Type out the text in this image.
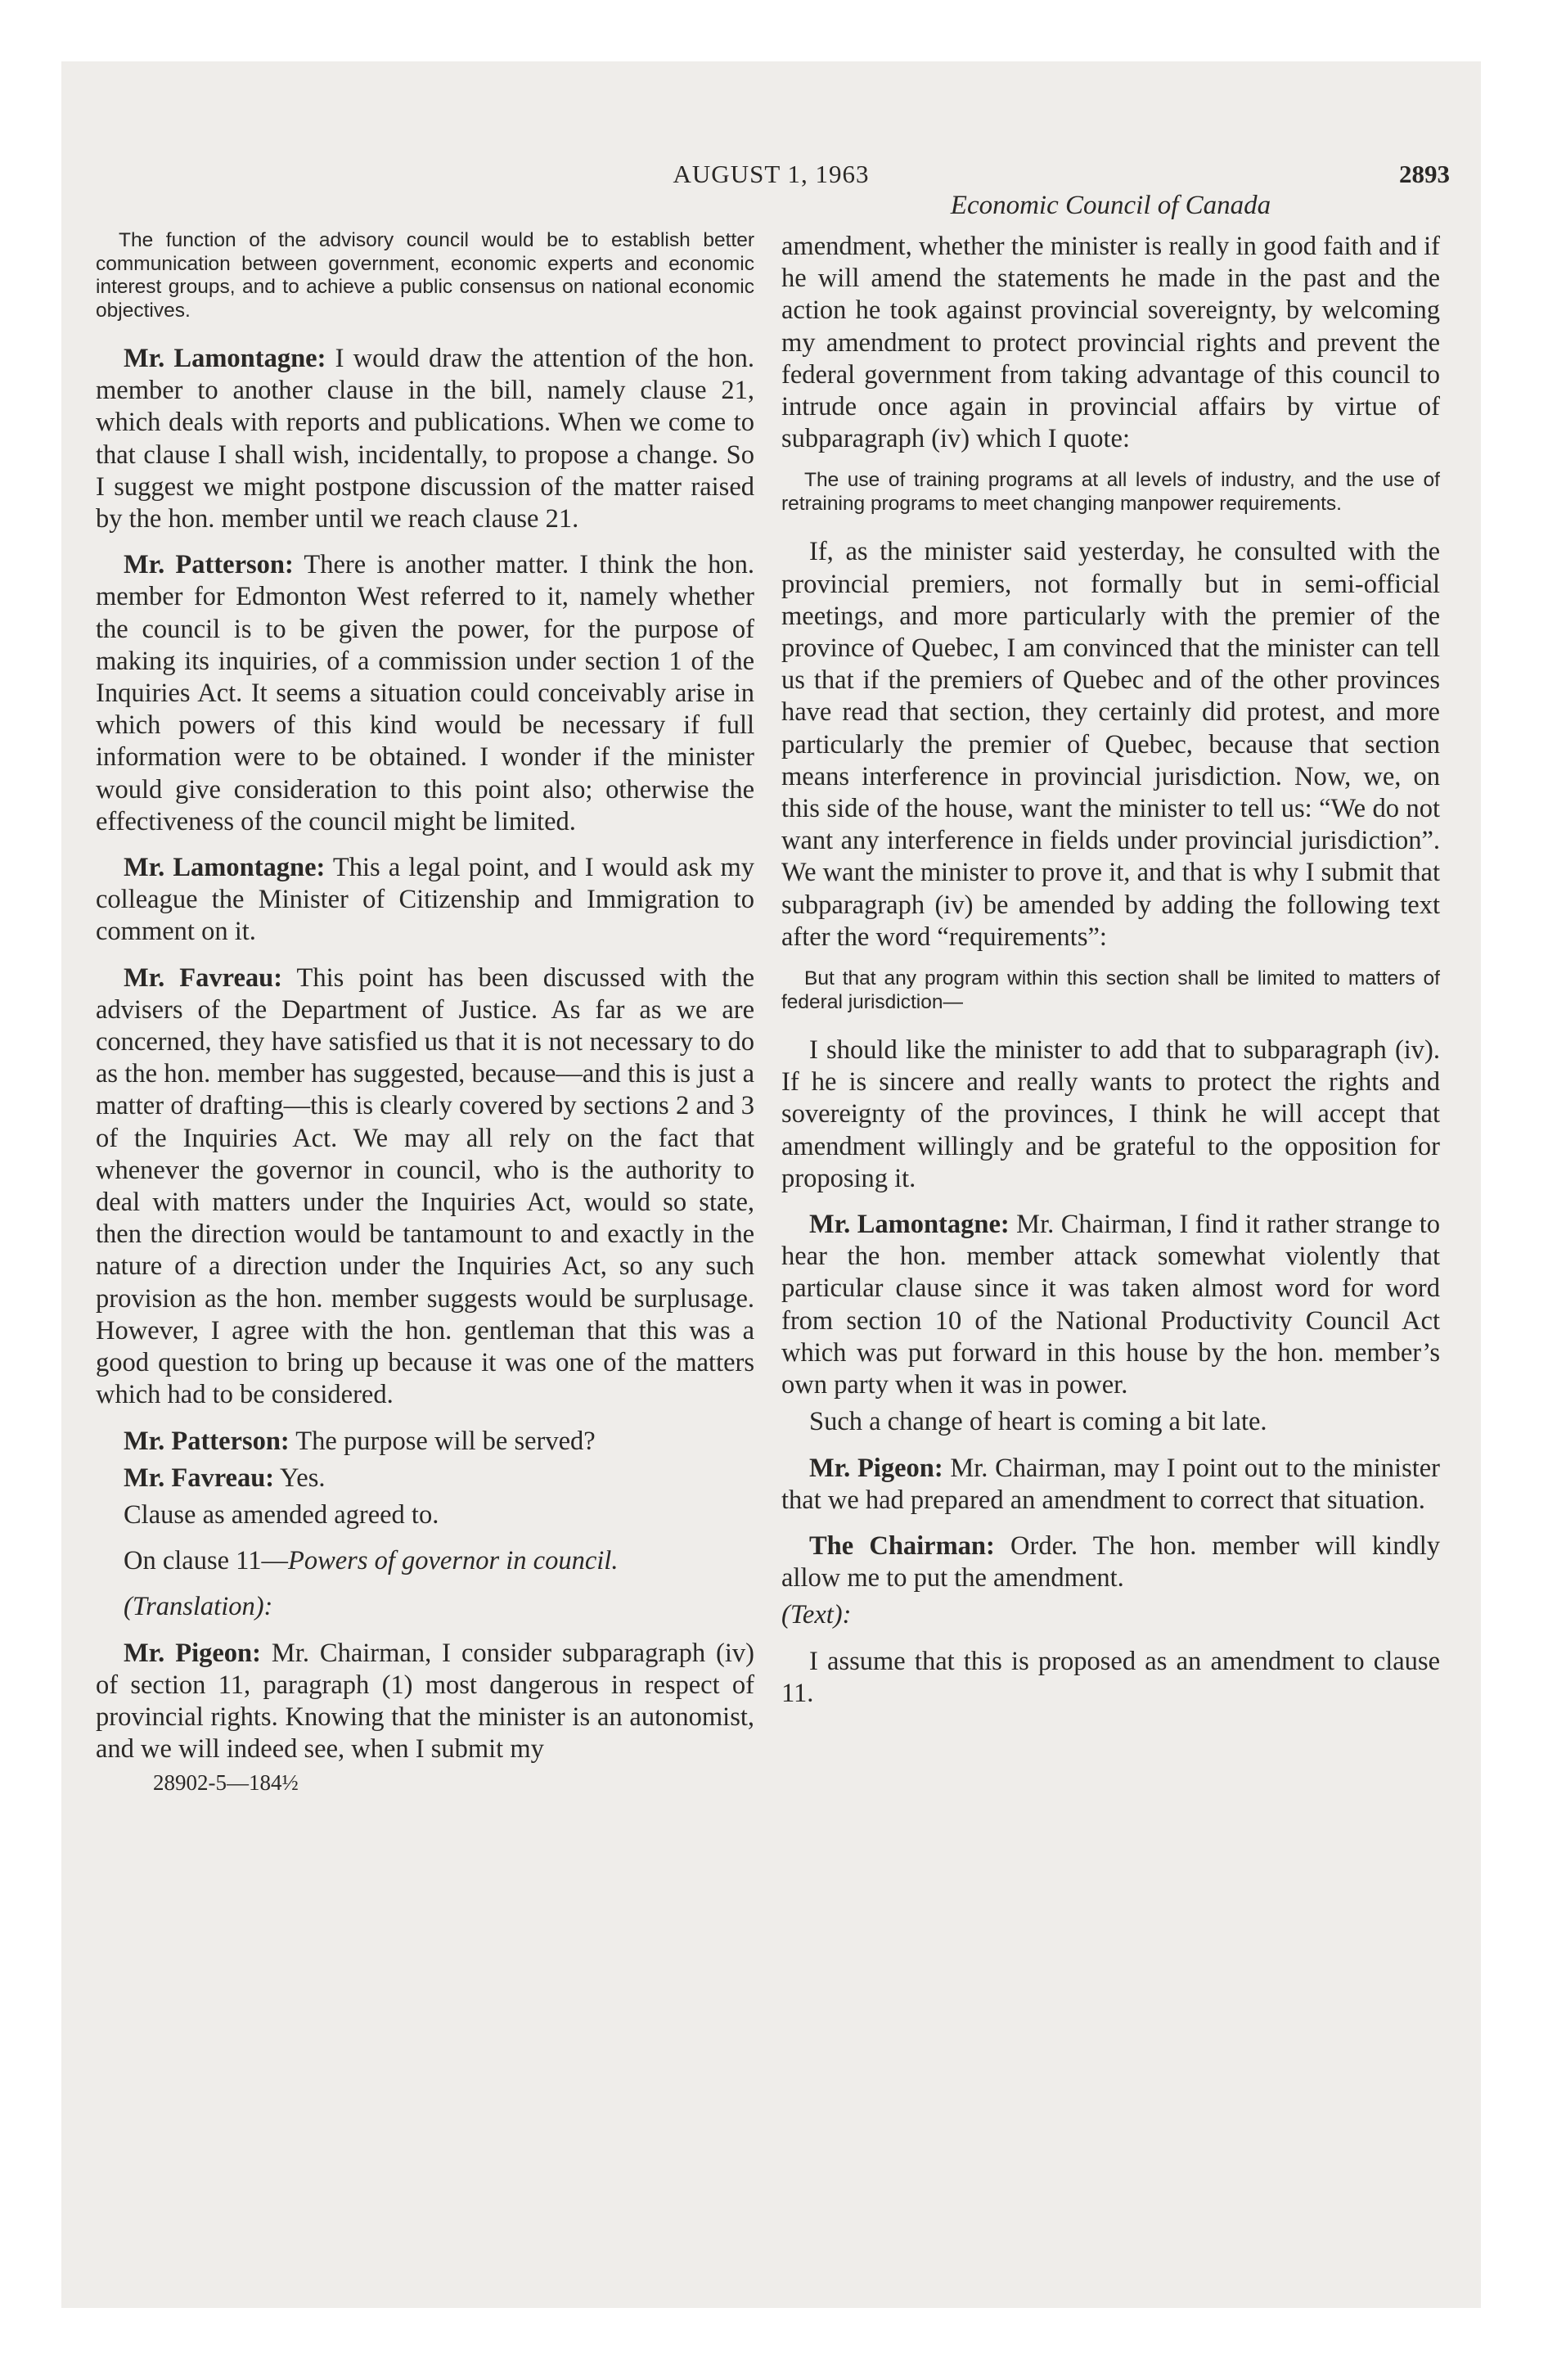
AUGUST 1, 1963	2893

The function of the advisory council would be to establish better communication between government, economic experts and economic interest groups, and to achieve a public consensus on national economic objectives.

Mr. Lamontagne: I would draw the attention of the hon. member to another clause in the bill, namely clause 21, which deals with reports and publications. When we come to that clause I shall wish, incidentally, to propose a change. So I suggest we might postpone discussion of the matter raised by the hon. member until we reach clause 21.

Mr. Patterson: There is another matter. I think the hon. member for Edmonton West referred to it, namely whether the council is to be given the power, for the purpose of making its inquiries, of a commission under section 1 of the Inquiries Act. It seems a situation could conceivably arise in which powers of this kind would be necessary if full information were to be obtained. I wonder if the minister would give consideration to this point also; otherwise the effectiveness of the council might be limited.

Mr. Lamontagne: This a legal point, and I would ask my colleague the Minister of Citizenship and Immigration to comment on it.

Mr. Favreau: This point has been discussed with the advisers of the Department of Justice. As far as we are concerned, they have satisfied us that it is not necessary to do as the hon. member has suggested, because—and this is just a matter of drafting—this is clearly covered by sections 2 and 3 of the Inquiries Act. We may all rely on the fact that whenever the governor in council, who is the authority to deal with matters under the Inquiries Act, would so state, then the direction would be tantamount to and exactly in the nature of a direction under the Inquiries Act, so any such provision as the hon. member suggests would be surplusage. However, I agree with the hon. gentleman that this was a good question to bring up because it was one of the matters which had to be considered.

Mr. Patterson: The purpose will be served?

Mr. Favreau: Yes.

Clause as amended agreed to.

On clause 11—Powers of governor in council.

(Translation):

Mr. Pigeon: Mr. Chairman, I consider subparagraph (iv) of section 11, paragraph (1) most dangerous in respect of provincial rights. Knowing that the minister is an autonomist, and we will indeed see, when I submit my

28902-5—184½
Economic Council of Canada

amendment, whether the minister is really in good faith and if he will amend the statements he made in the past and the action he took against provincial sovereignty, by welcoming my amendment to protect provincial rights and prevent the federal government from taking advantage of this council to intrude once again in provincial affairs by virtue of subparagraph (iv) which I quote:

The use of training programs at all levels of industry, and the use of retraining programs to meet changing manpower requirements.

If, as the minister said yesterday, he consulted with the provincial premiers, not formally but in semi-official meetings, and more particularly with the premier of the province of Quebec, I am convinced that the minister can tell us that if the premiers of Quebec and of the other provinces have read that section, they certainly did protest, and more particularly the premier of Quebec, because that section means interference in provincial jurisdiction. Now, we, on this side of the house, want the minister to tell us: “We do not want any interference in fields under provincial jurisdiction”. We want the minister to prove it, and that is why I submit that subparagraph (iv) be amended by adding the following text after the word “requirements”:

But that any program within this section shall be limited to matters of federal jurisdiction—

I should like the minister to add that to subparagraph (iv). If he is sincere and really wants to protect the rights and sovereignty of the provinces, I think he will accept that amendment willingly and be grateful to the opposition for proposing it.

Mr. Lamontagne: Mr. Chairman, I find it rather strange to hear the hon. member attack somewhat violently that particular clause since it was taken almost word for word from section 10 of the National Productivity Council Act which was put forward in this house by the hon. member’s own party when it was in power.

Such a change of heart is coming a bit late.

Mr. Pigeon: Mr. Chairman, may I point out to the minister that we had prepared an amendment to correct that situation.

The Chairman: Order. The hon. member will kindly allow me to put the amendment.

(Text):

I assume that this is proposed as an amendment to clause 11.
